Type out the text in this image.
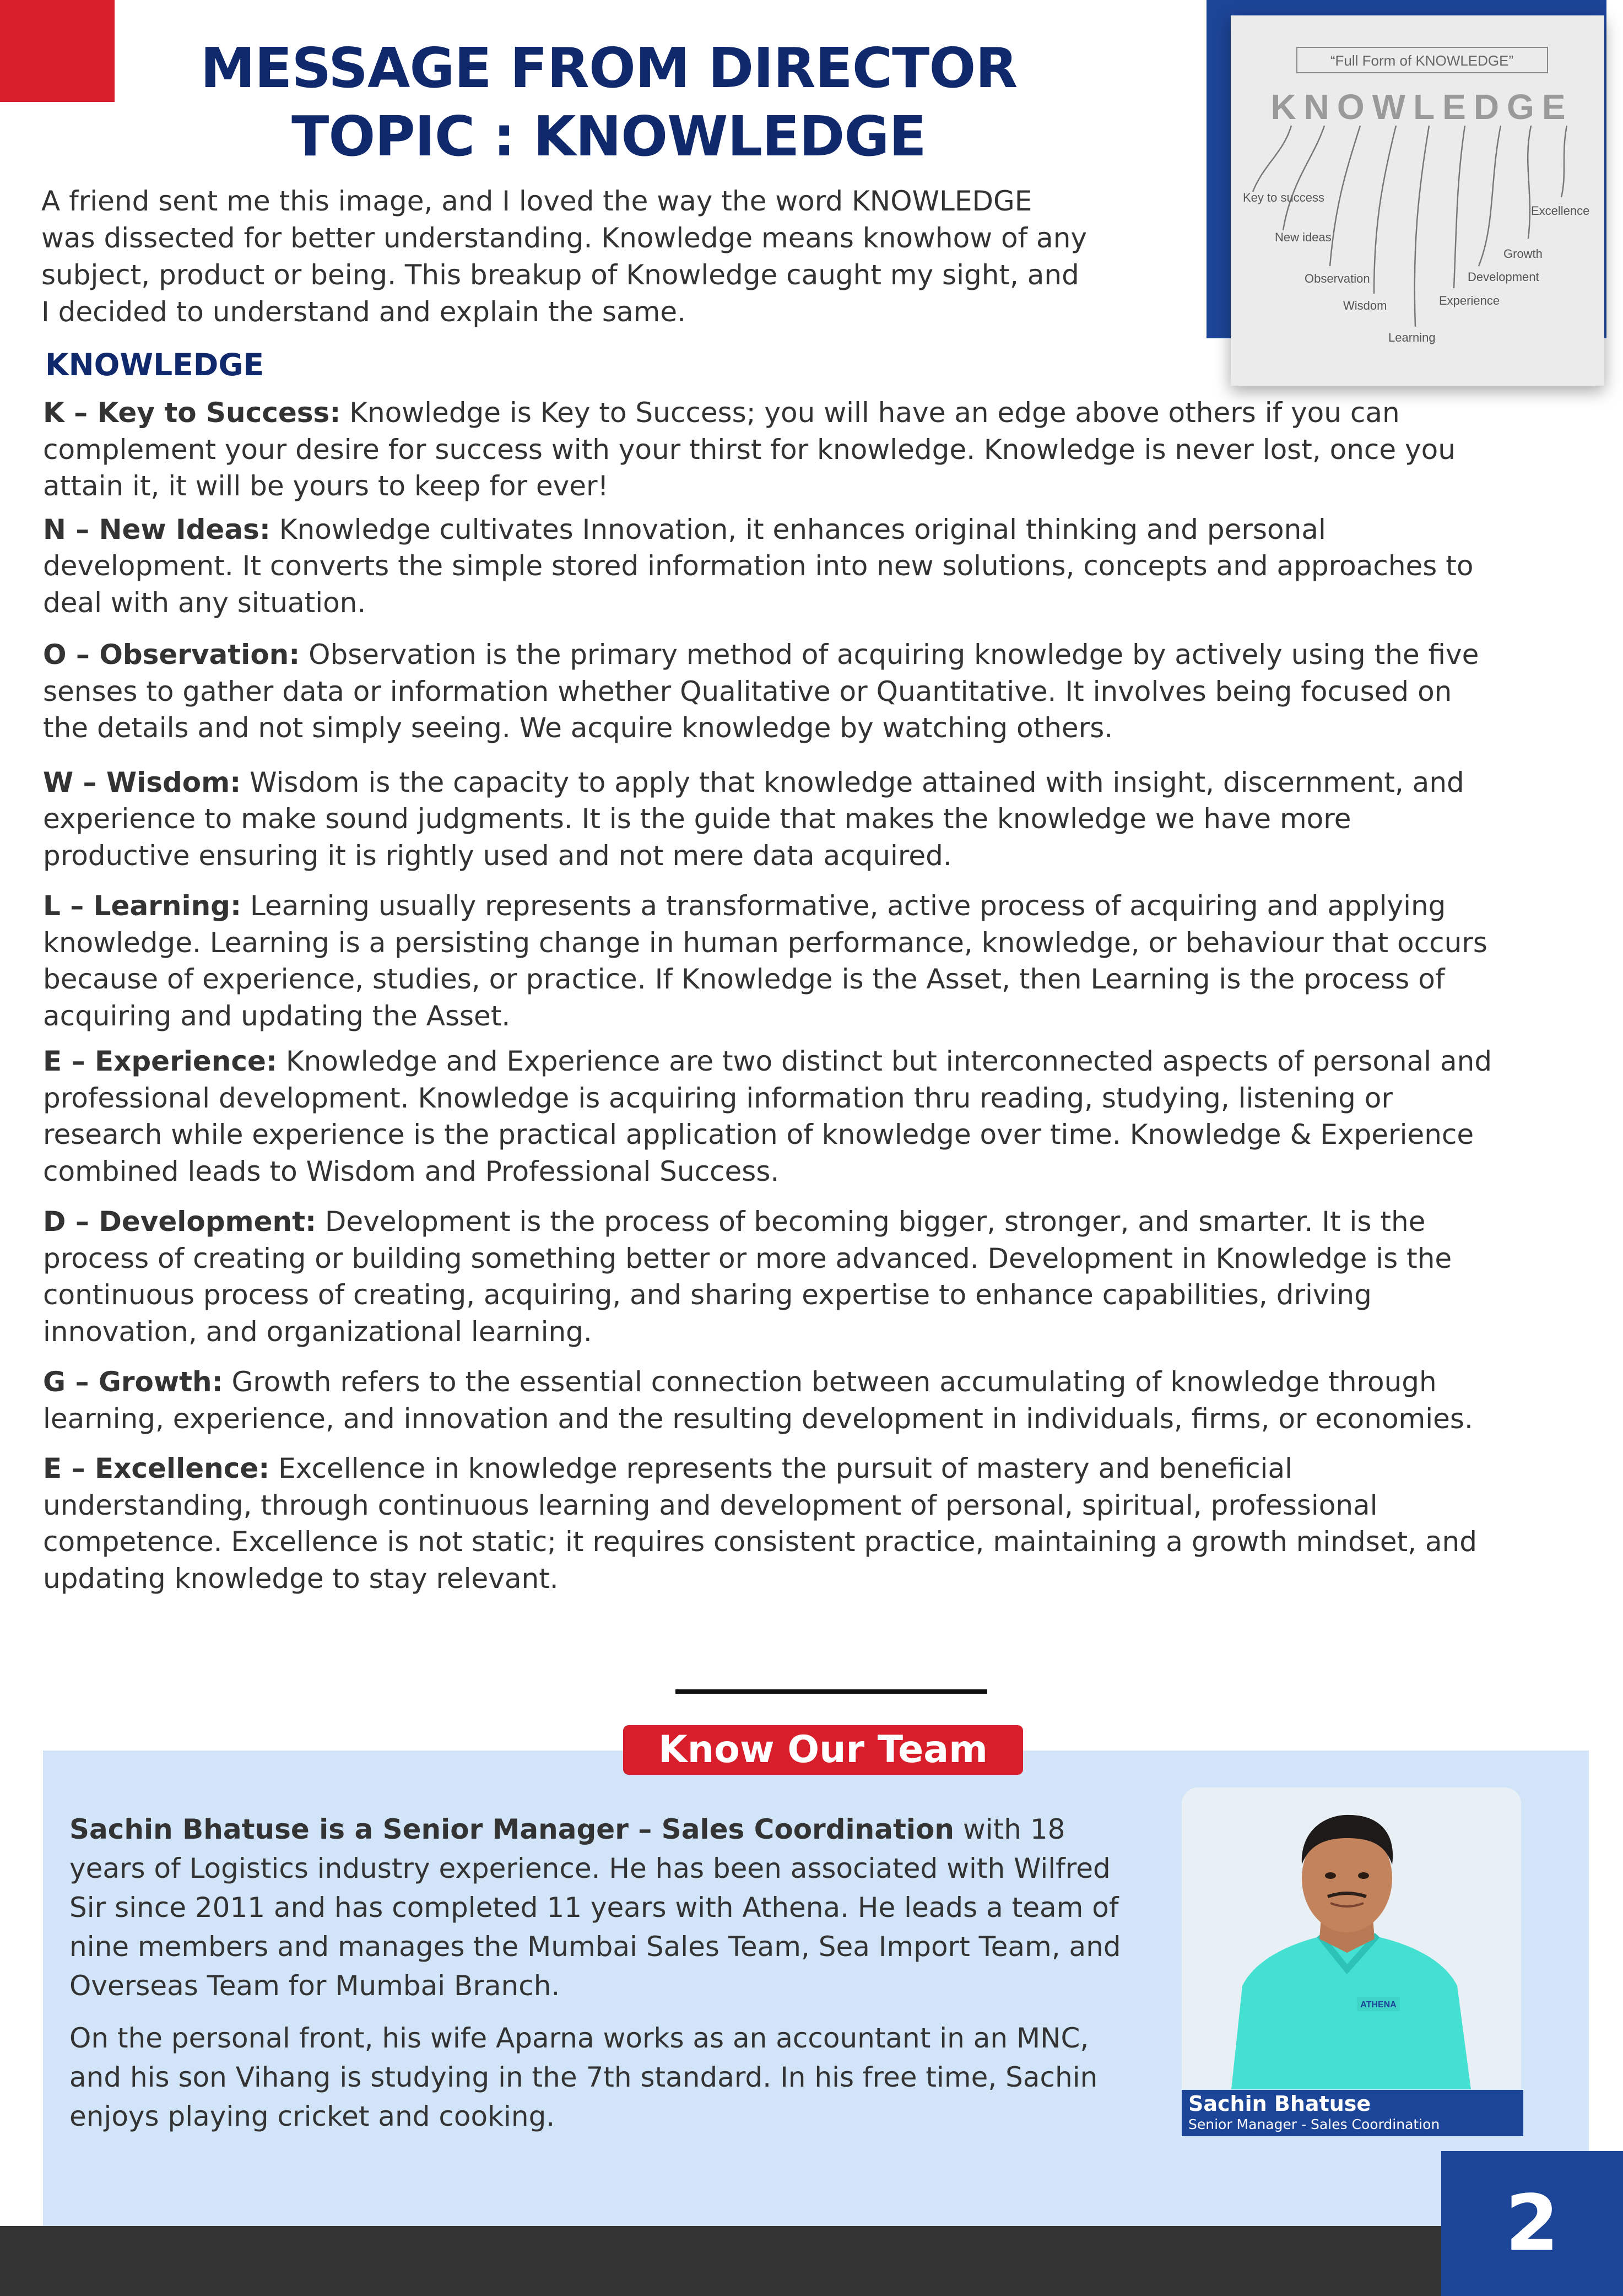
MESSAGE FROM DIRECTOR
TOPIC : KNOWLEDGE

A friend sent me this image, and I loved the way the word KNOWLEDGE was dissected for better understanding. Knowledge means knowhow of any subject, product or being. This breakup of Knowledge caught my sight, and I decided to understand and explain the same.

“Full Form of KNOWLEDGE”
KNOWLEDGE
Key to success
New ideas
Observation
Wisdom
Learning
Experience
Development
Growth
Excellence
KNOWLEDGE

K – Key to Success: Knowledge is Key to Success; you will have an edge above others if you can complement your desire for success with your thirst for knowledge. Knowledge is never lost, once you attain it, it will be yours to keep for ever!

N – New Ideas: Knowledge cultivates Innovation, it enhances original thinking and personal development. It converts the simple stored information into new solutions, concepts and approaches to deal with any situation.

O – Observation: Observation is the primary method of acquiring knowledge by actively using the five senses to gather data or information whether Qualitative or Quantitative. It involves being focused on the details and not simply seeing. We acquire knowledge by watching others.

W – Wisdom: Wisdom is the capacity to apply that knowledge attained with insight, discernment, and experience to make sound judgments. It is the guide that makes the knowledge we have more productive ensuring it is rightly used and not mere data acquired.

L – Learning: Learning usually represents a transformative, active process of acquiring and applying knowledge. Learning is a persisting change in human performance, knowledge, or behaviour that occurs because of experience, studies, or practice. If Knowledge is the Asset, then Learning is the process of acquiring and updating the Asset.

E – Experience: Knowledge and Experience are two distinct but interconnected aspects of personal and professional development. Knowledge is acquiring information thru reading, studying, listening or research while experience is the practical application of knowledge over time. Knowledge & Experience combined leads to Wisdom and Professional Success.

D – Development: Development is the process of becoming bigger, stronger, and smarter. It is the process of creating or building something better or more advanced. Development in Knowledge is the continuous process of creating, acquiring, and sharing expertise to enhance capabilities, driving innovation, and organizational learning.

G – Growth: Growth refers to the essential connection between accumulating of knowledge through learning, experience, and innovation and the resulting development in individuals, firms, or economies.

E – Excellence: Excellence in knowledge represents the pursuit of mastery and beneficial understanding, through continuous learning and development of personal, spiritual, professional competence. Excellence is not static; it requires consistent practice, maintaining a growth mindset, and updating knowledge to stay relevant.

Know Our Team

Sachin Bhatuse is a Senior Manager – Sales Coordination with 18 years of Logistics industry experience. He has been associated with Wilfred Sir since 2011 and has completed 11 years with Athena. He leads a team of nine members and manages the Mumbai Sales Team, Sea Import Team, and Overseas Team for Mumbai Branch.

On the personal front, his wife Aparna works as an accountant in an MNC, and his son Vihang is studying in the 7th standard. In his free time, Sachin enjoys playing cricket and cooking.

ATHENA
Sachin Bhatuse
Senior Manager - Sales Coordination
2
